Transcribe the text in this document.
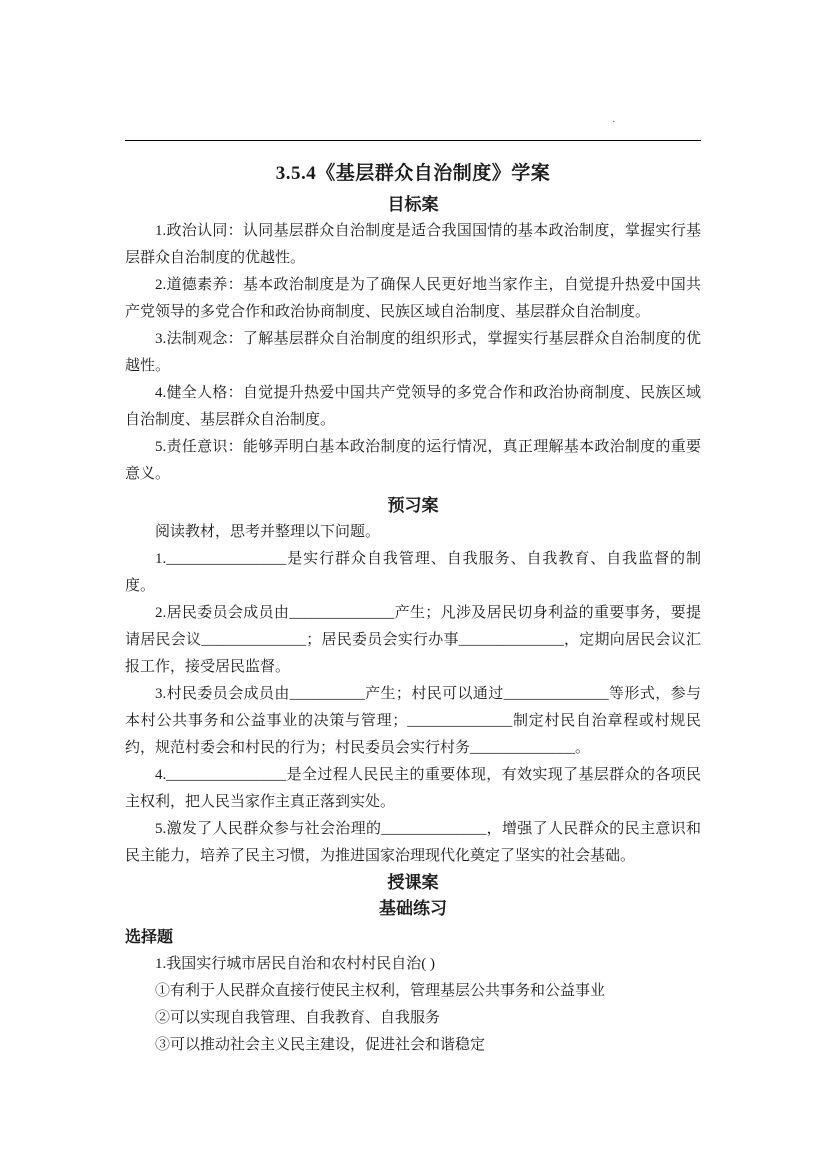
·
3.5.4《基层群众自治制度》学案
目标案

1.政治认同：认同基层群众自治制度是适合我国国情的基本政治制度，掌握实行基层群众自治制度的优越性。

2.道德素养：基本政治制度是为了确保人民更好地当家作主，自觉提升热爱中国共产党领导的多党合作和政治协商制度、民族区域自治制度、基层群众自治制度。

3.法制观念：了解基层群众自治制度的组织形式，掌握实行基层群众自治制度的优越性。

4.健全人格：自觉提升热爱中国共产党领导的多党合作和政治协商制度、民族区域自治制度、基层群众自治制度。

5.责任意识：能够弄明白基本政治制度的运行情况，真正理解基本政治制度的重要意义。

预习案

阅读教材，思考并整理以下问题。

1.________________是实行群众自我管理、自我服务、自我教育、自我监督的制度。

2.居民委员会成员由______________产生；凡涉及居民切身利益的重要事务，要提请居民会议______________；居民委员会实行办事______________，定期向居民会议汇报工作，接受居民监督。

3.村民委员会成员由__________产生；村民可以通过______________等形式，参与本村公共事务和公益事业的决策与管理；______________制定村民自治章程或村规民约，规范村委会和村民的行为；村民委员会实行村务______________。

4.________________是全过程人民民主的重要体现，有效实现了基层群众的各项民主权利，把人民当家作主真正落到实处。

5.激发了人民群众参与社会治理的______________，增强了人民群众的民主意识和民主能力，培养了民主习惯，为推进国家治理现代化奠定了坚实的社会基础。

授课案
基础练习

选择题

1.我国实行城市居民自治和农村村民自治( )

①有利于人民群众直接行使民主权利，管理基层公共事务和公益事业

②可以实现自我管理、自我教育、自我服务

③可以推动社会主义民主建设，促进社会和谐稳定
